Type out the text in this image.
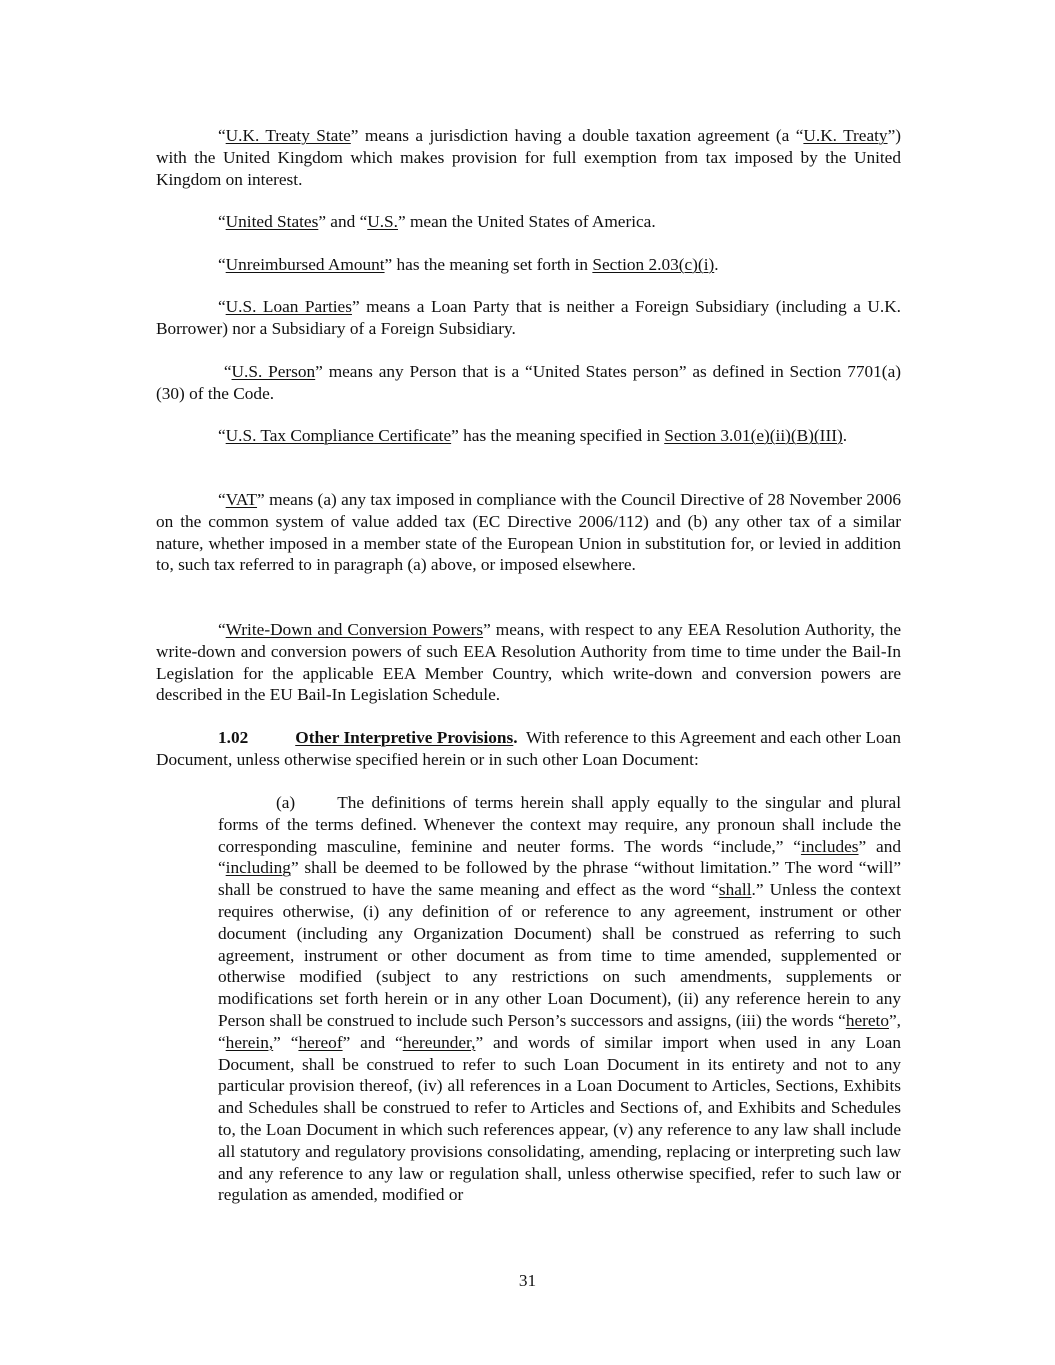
“U.K. Treaty State” means a jurisdiction having a double taxation agreement (a “U.K. Treaty”) with the United Kingdom which makes provision for full exemption from tax imposed by the United Kingdom on interest.

“United States” and “U.S.” mean the United States of America.

“Unreimbursed Amount” has the meaning set forth in Section 2.03(c)(i).

“U.S. Loan Parties” means a Loan Party that is neither a Foreign Subsidiary (including a U.K. Borrower) nor a Subsidiary of a Foreign Subsidiary.

“U.S. Person” means any Person that is a “United States person” as defined in Section 7701(a)(30) of the Code.

“U.S. Tax Compliance Certificate” has the meaning specified in Section 3.01(e)(ii)(B)(III).

“VAT” means (a) any tax imposed in compliance with the Council Directive of 28 November 2006 on the common system of value added tax (EC Directive 2006/112) and (b) any other tax of a similar nature, whether imposed in a member state of the European Union in substitution for, or levied in addition to, such tax referred to in paragraph (a) above, or imposed elsewhere.

“Write-Down and Conversion Powers” means, with respect to any EEA Resolution Authority, the write-down and conversion powers of such EEA Resolution Authority from time to time under the Bail-In Legislation for the applicable EEA Member Country, which write-down and conversion powers are described in the EU Bail-In Legislation Schedule.

1.02	Other Interpretive Provisions.  With reference to this Agreement and each other Loan Document, unless otherwise specified herein or in such other Loan Document:

(a) The definitions of terms herein shall apply equally to the singular and plural forms of the terms defined. Whenever the context may require, any pronoun shall include the corresponding masculine, feminine and neuter forms. The words “include,” “includes” and “including” shall be deemed to be followed by the phrase “without limitation.” The word “will” shall be construed to have the same meaning and effect as the word “shall.” Unless the context requires otherwise, (i) any definition of or reference to any agreement, instrument or other document (including any Organization Document) shall be construed as referring to such agreement, instrument or other document as from time to time amended, supplemented or otherwise modified (subject to any restrictions on such amendments, supplements or modifications set forth herein or in any other Loan Document), (ii) any reference herein to any Person shall be construed to include such Person’s successors and assigns, (iii) the words “hereto”, “herein,” “hereof” and “hereunder,” and words of similar import when used in any Loan Document, shall be construed to refer to such Loan Document in its entirety and not to any particular provision thereof, (iv) all references in a Loan Document to Articles, Sections, Exhibits and Schedules shall be construed to refer to Articles and Sections of, and Exhibits and Schedules to, the Loan Document in which such references appear, (v) any reference to any law shall include all statutory and regulatory provisions consolidating, amending, replacing or interpreting such law and any reference to any law or regulation shall, unless otherwise specified, refer to such law or regulation as amended, modified or

31
